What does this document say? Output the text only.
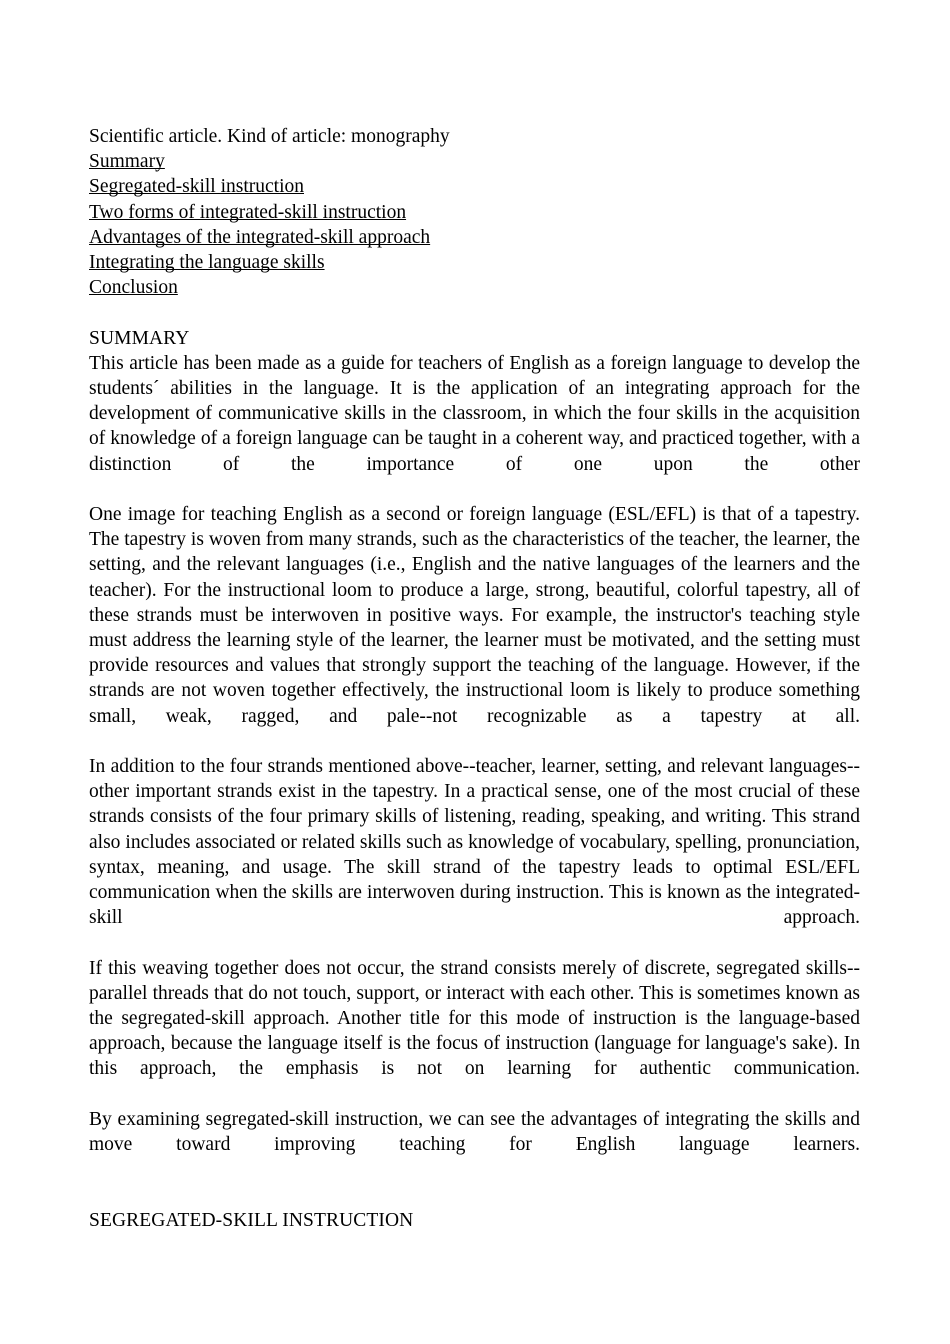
Scientific article. Kind of article: monography
Summary
Segregated-skill instruction
Two forms of integrated-skill instruction
Advantages of the integrated-skill approach
Integrating the language skills
Conclusion
SUMMARY

This article has been made as a guide for teachers of English as a foreign language to develop the students´ abilities in the language. It is the application of an integrating approach for the development of communicative skills in the classroom, in which the four skills in the acquisition of knowledge of a foreign language can be taught in a coherent way, and practiced together, with a distinction of the importance of one upon the other

One image for teaching English as a second or foreign language (ESL/EFL) is that of a tapestry. The tapestry is woven from many strands, such as the characteristics of the teacher, the learner, the setting, and the relevant languages (i.e., English and the native languages of the learners and the teacher). For the instructional loom to produce a large, strong, beautiful, colorful tapestry, all of these strands must be interwoven in positive ways. For example, the instructor's teaching style must address the learning style of the learner, the learner must be motivated, and the setting must provide resources and values that strongly support the teaching of the language. However, if the strands are not woven together effectively, the instructional loom is likely to produce something small, weak, ragged, and pale--not recognizable as a tapestry at all.

In addition to the four strands mentioned above--teacher, learner, setting, and relevant languages--other important strands exist in the tapestry. In a practical sense, one of the most crucial of these strands consists of the four primary skills of listening, reading, speaking, and writing. This strand also includes associated or related skills such as knowledge of vocabulary, spelling, pronunciation, syntax, meaning, and usage. The skill strand of the tapestry leads to optimal ESL/EFL communication when the skills are interwoven during instruction. This is known as the integrated-skill approach.

If this weaving together does not occur, the strand consists merely of discrete, segregated skills--parallel threads that do not touch, support, or interact with each other. This is sometimes known as the segregated-skill approach. Another title for this mode of instruction is the language-based approach, because the language itself is the focus of instruction (language for language's sake). In this approach, the emphasis is not on learning for authentic communication.

By examining segregated-skill instruction, we can see the advantages of integrating the skills and move toward improving teaching for English language learners.

SEGREGATED-SKILL INSTRUCTION
